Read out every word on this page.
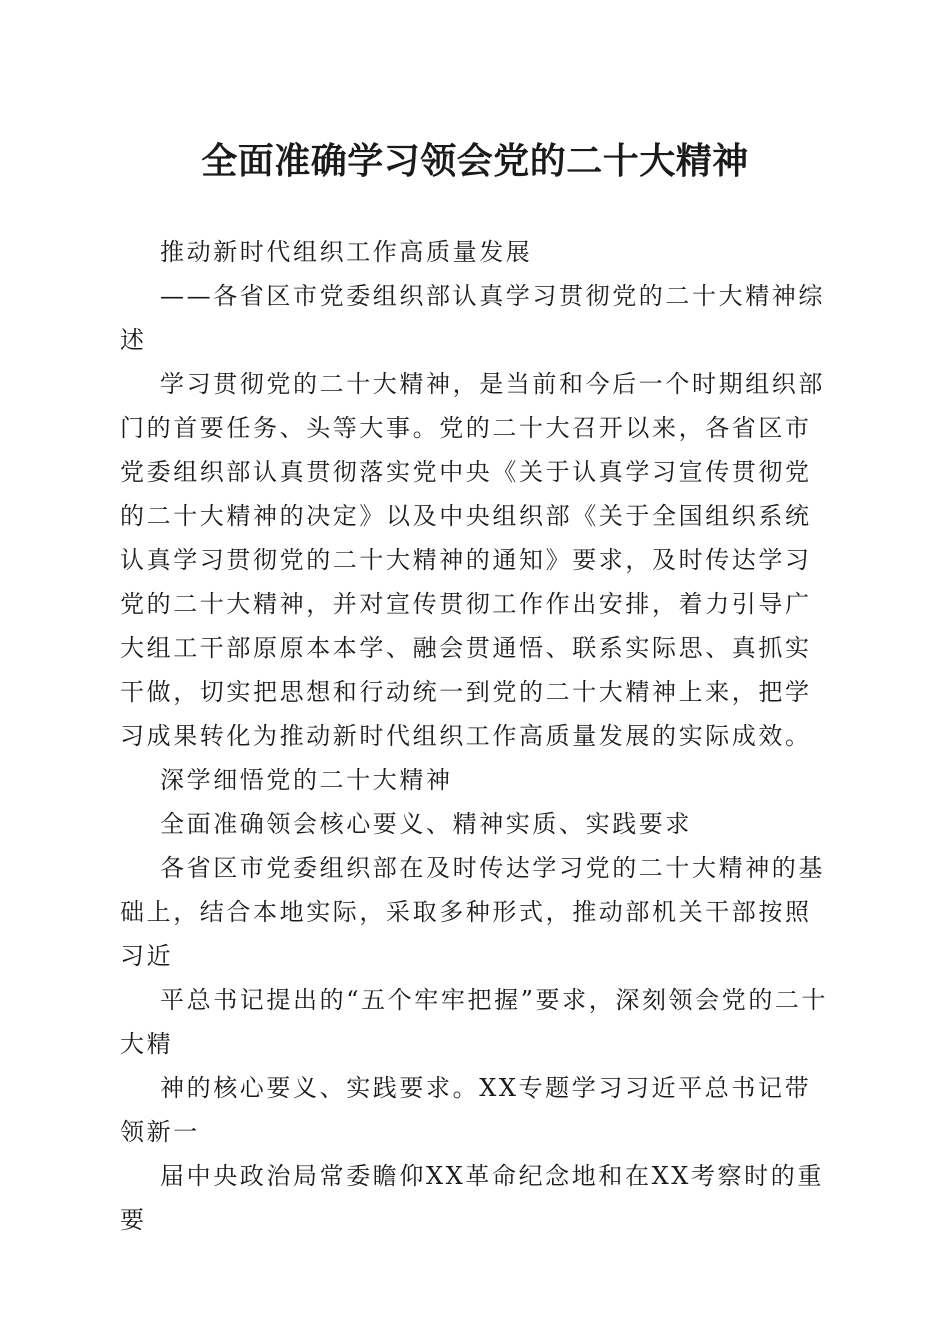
全面准确学习领会党的二十大精神

推动新时代组织工作高质量发展

——各省区市党委组织部认真学习贯彻党的二十大精神综述

学习贯彻党的二十大精神，是当前和今后一个时期组织部门的首要任务、头等大事。党的二十大召开以来，各省区市党委组织部认真贯彻落实党中央《关于认真学习宣传贯彻党的二十大精神的决定》以及中央组织部《关于全国组织系统认真学习贯彻党的二十大精神的通知》要求，及时传达学习党的二十大精神，并对宣传贯彻工作作出安排，着力引导广大组工干部原原本本学、融会贯通悟、联系实际思、真抓实干做，切实把思想和行动统一到党的二十大精神上来，把学习成果转化为推动新时代组织工作高质量发展的实际成效。

深学细悟党的二十大精神

全面准确领会核心要义、精神实质、实践要求

各省区市党委组织部在及时传达学习党的二十大精神的基础上，结合本地实际，采取多种形式，推动部机关干部按照习近

平总书记提出的“五个牢牢把握”要求，深刻领会党的二十大精

神的核心要义、实践要求。XX专题学习习近平总书记带领新一

届中央政治局常委瞻仰XX革命纪念地和在XX考察时的重要
